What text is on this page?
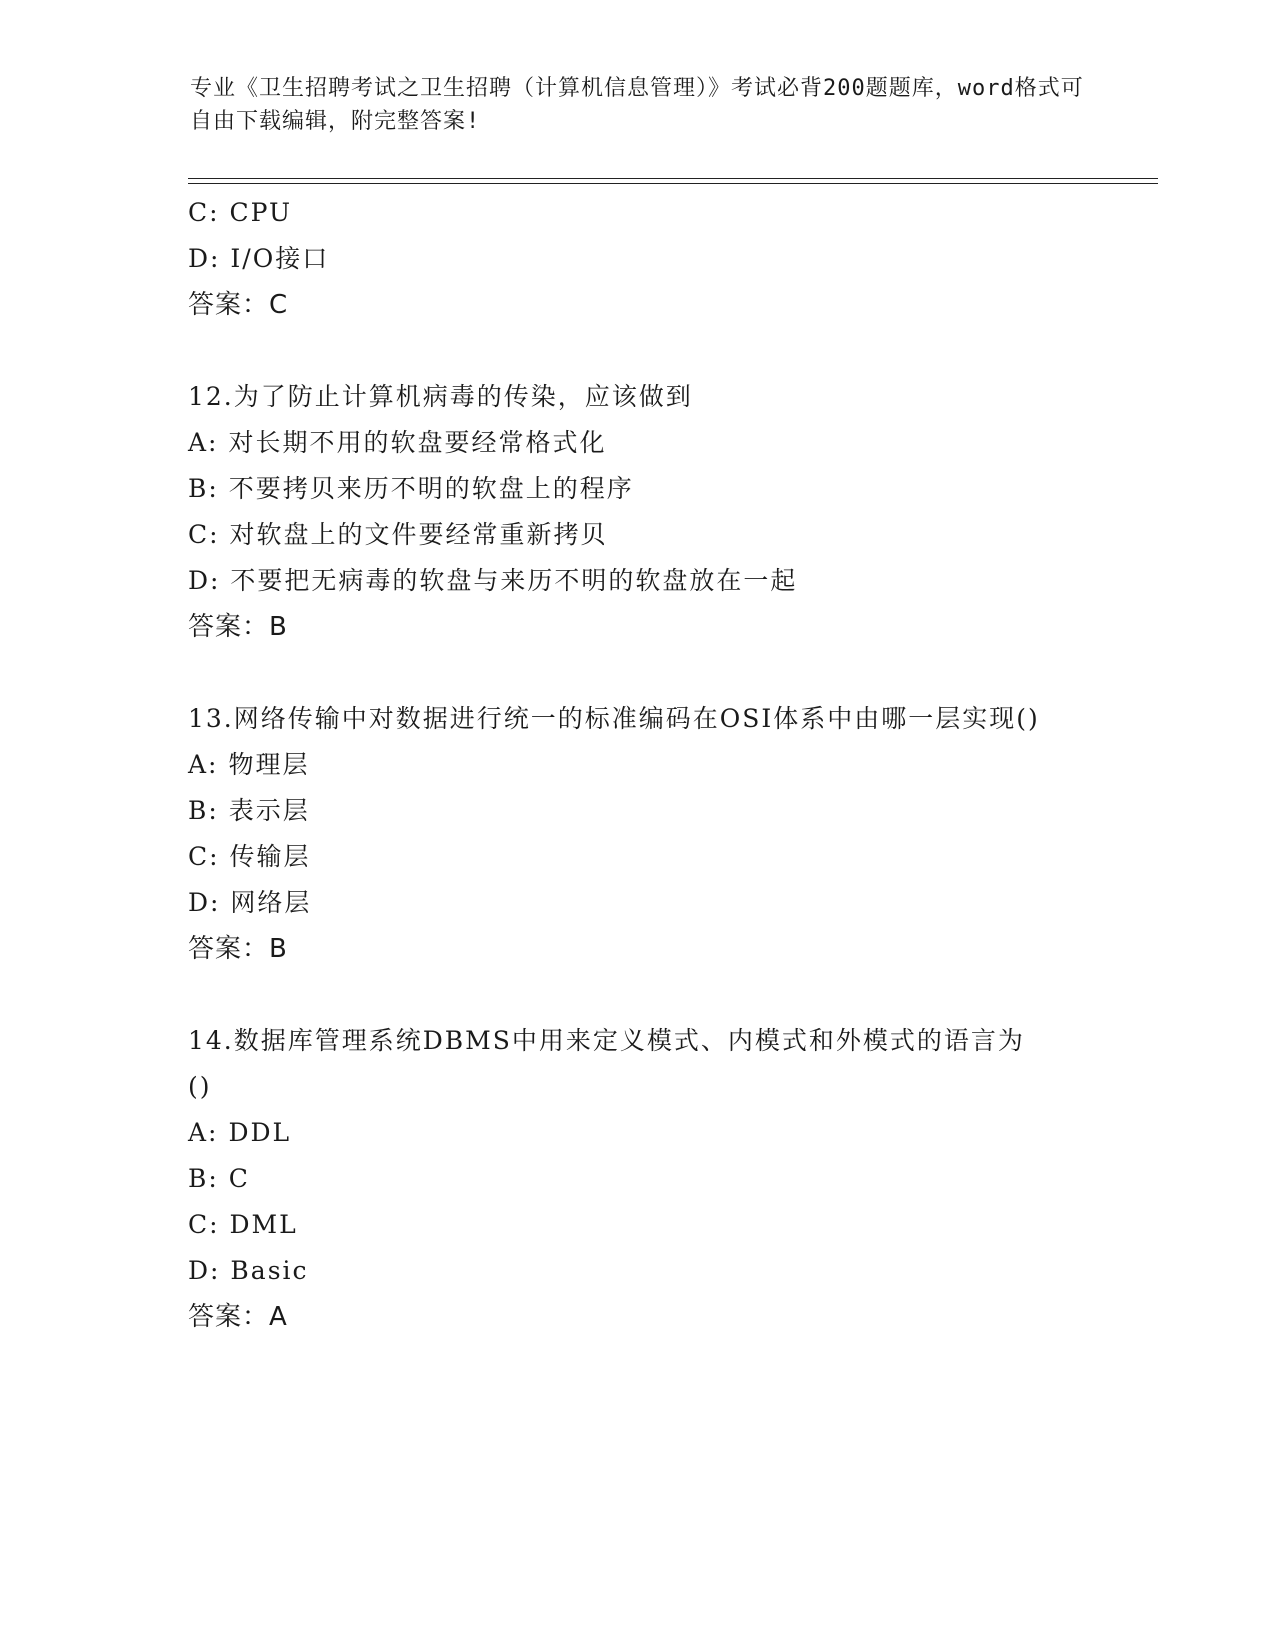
专业《卫生招聘考试之卫生招聘（计算机信息管理）》考试必背200题题库，word格式可自由下载编辑，附完整答案!
C: CPU
D: I/O接口
答案：C
12.为了防止计算机病毒的传染，应该做到
A: 对长期不用的软盘要经常格式化
B: 不要拷贝来历不明的软盘上的程序
C: 对软盘上的文件要经常重新拷贝
D: 不要把无病毒的软盘与来历不明的软盘放在一起
答案：B
13.网络传输中对数据进行统一的标准编码在OSI体系中由哪一层实现()
A: 物理层
B: 表示层
C: 传输层
D: 网络层
答案：B
14.数据库管理系统DBMS中用来定义模式、内模式和外模式的语言为()
A: DDL
B: C
C: DML
D: Basic
答案：A
